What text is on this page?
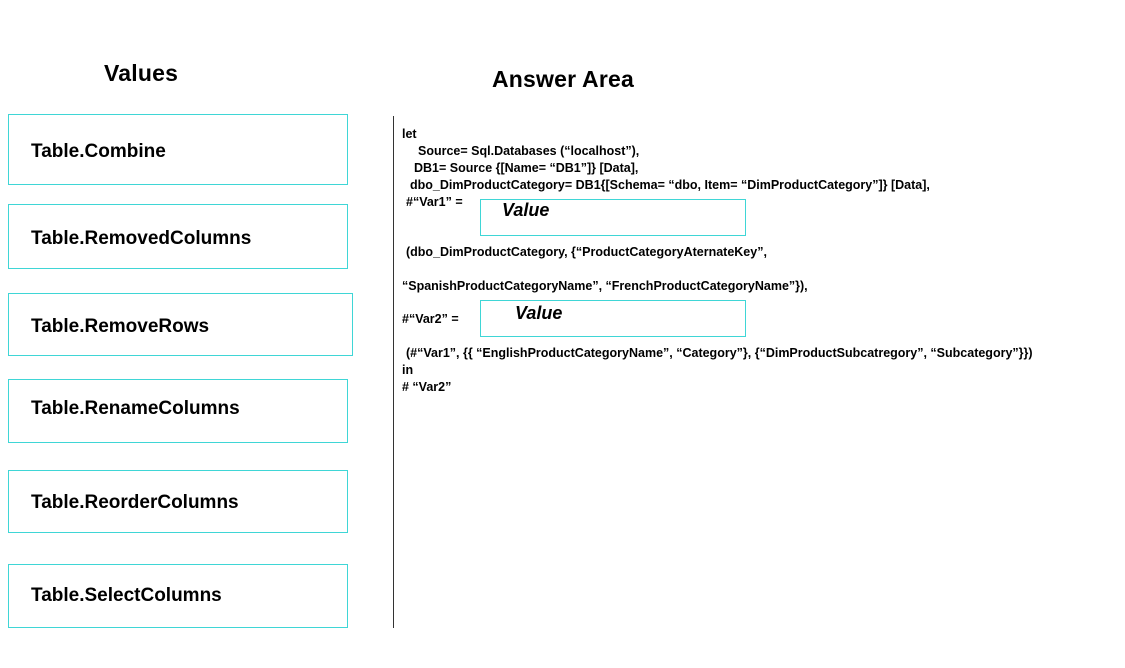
Values	Answer Area
Table.Combine
Table.RemovedColumns
Table.RemoveRows
Table.RenameColumns
Table.ReorderColumns
Table.SelectColumns
let
Source= Sql.Databases (“localhost”),
DB1= Source {[Name= “DB1”]} [Data],
dbo_DimProductCategory= DB1{[Schema= “dbo, Item= “DimProductCategory”]} [Data],
#“Var1” = Value
(dbo_DimProductCategory, {“ProductCategoryAternateKey”,
“SpanishProductCategoryName”, “FrenchProductCategoryName”}),
#“Var2” =	Value
(#“Var1”, {{ “EnglishProductCategoryName”, “Category”}, {“DimProductSubcatregory”, “Subcategory”}})
in
# “Var2”
